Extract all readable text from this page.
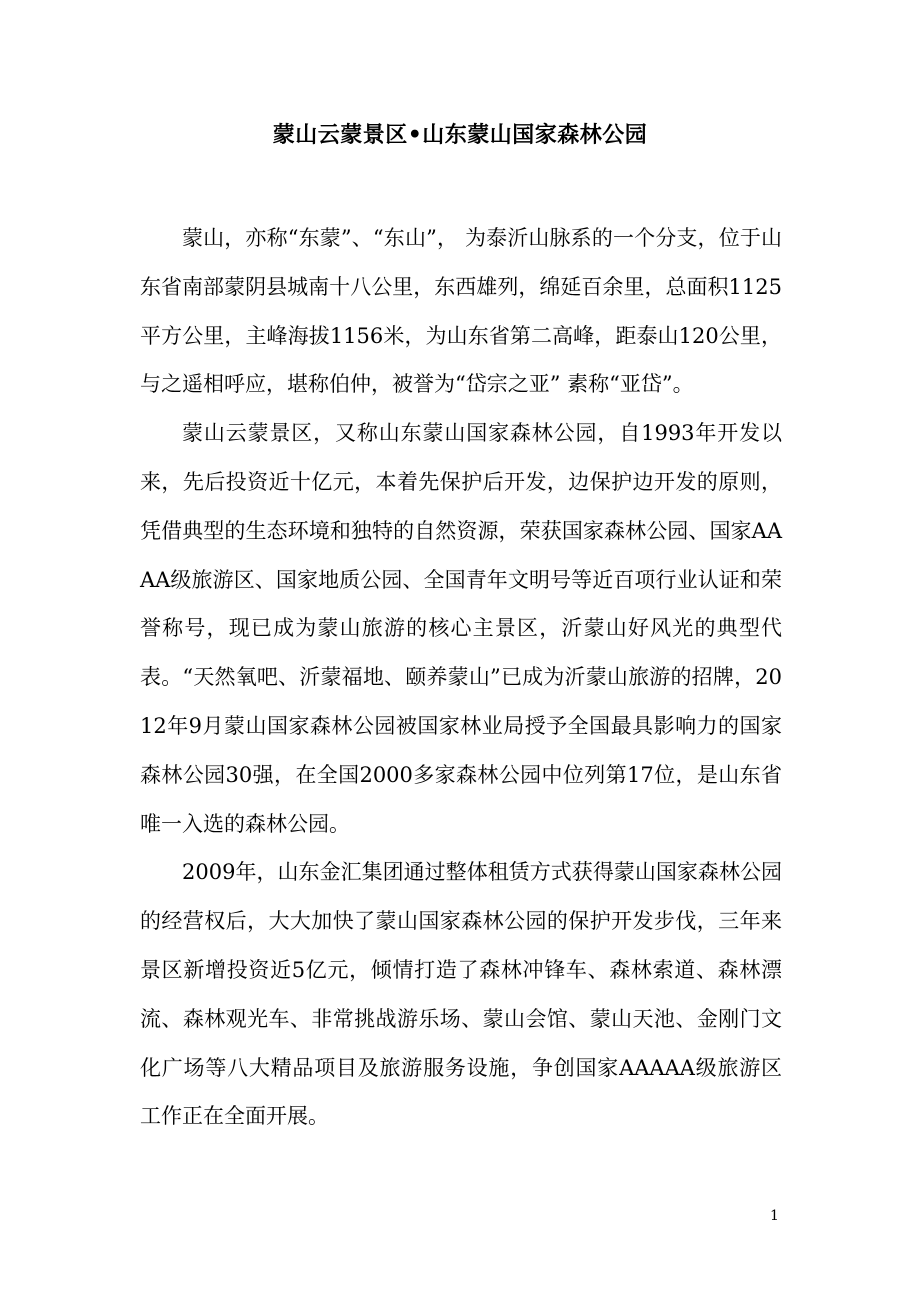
蒙山云蒙景区•山东蒙山国家森林公园

蒙山，亦称“东蒙”、“东山”， 为泰沂山脉系的一个分支，位于山东省南部蒙阴县城南十八公里，东西雄列，绵延百余里，总面积1125平方公里，主峰海拔1156米，为山东省第二高峰，距泰山120公里，与之遥相呼应，堪称伯仲，被誉为“岱宗之亚” 素称“亚岱”。

蒙山云蒙景区，又称山东蒙山国家森林公园，自1993年开发以来，先后投资近十亿元，本着先保护后开发，边保护边开发的原则，凭借典型的生态环境和独特的自然资源，荣获国家森林公园、国家AAAA级旅游区、国家地质公园、全国青年文明号等近百项行业认证和荣誉称号，现已成为蒙山旅游的核心主景区，沂蒙山好风光的典型代表。“天然氧吧、沂蒙福地、颐养蒙山”已成为沂蒙山旅游的招牌，2012年9月蒙山国家森林公园被国家林业局授予全国最具影响力的国家森林公园30强，在全国2000多家森林公园中位列第17位，是山东省唯一入选的森林公园。

2009年，山东金汇集团通过整体租赁方式获得蒙山国家森林公园的经营权后，大大加快了蒙山国家森林公园的保护开发步伐，三年来景区新增投资近5亿元，倾情打造了森林冲锋车、森林索道、森林漂流、森林观光车、非常挑战游乐场、蒙山会馆、蒙山天池、金刚门文化广场等八大精品项目及旅游服务设施，争创国家AAAAA级旅游区工作正在全面开展。

1
